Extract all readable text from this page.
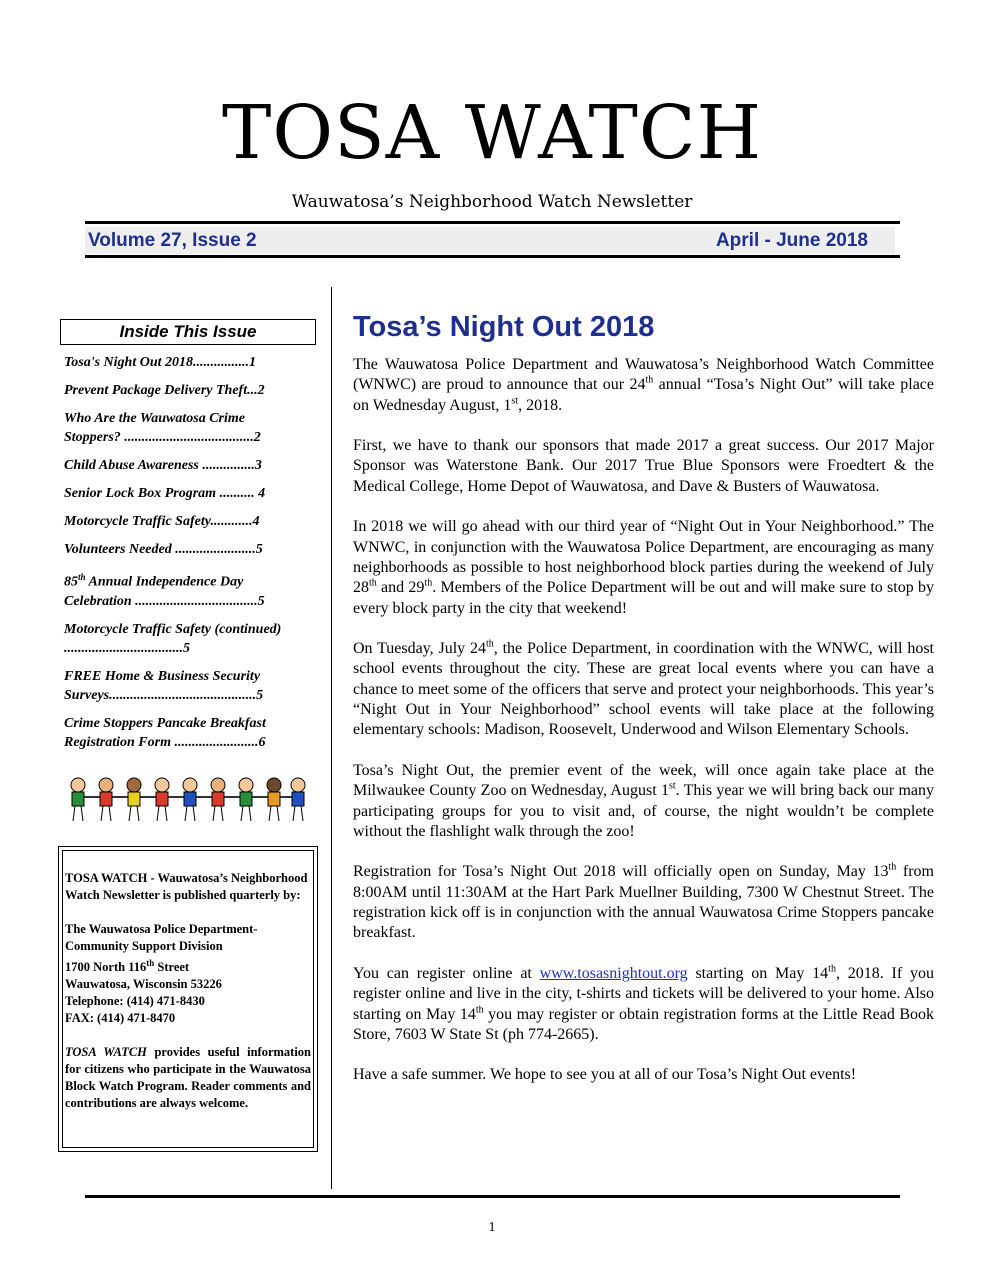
TOSA WATCH
Wauwatosa’s Neighborhood Watch Newsletter
Volume 27, Issue 2	April - June 2018
Inside This Issue
Tosa's Night Out 2018................1
Prevent Package Delivery Theft...2
Who Are the Wauwatosa Crime Stoppers? .....................................2
Child Abuse Awareness ...............3
Senior Lock Box Program .......... 4
Motorcycle Traffic Safety............4
Volunteers Needed .......................5
85th Annual Independence Day Celebration ...................................5
Motorcycle Traffic Safety (continued) ..................................5
FREE Home & Business Security Surveys..........................................5
Crime Stoppers Pancake Breakfast Registration Form ........................6

TOSA WATCH - Wauwatosa’s Neighborhood Watch Newsletter is published quarterly by:

The Wauwatosa Police Department-
Community Support Division
1700 North 116th Street
Wauwatosa, Wisconsin 53226
Telephone: (414) 471-8430
FAX: (414) 471-8470

TOSA WATCH provides useful information for citizens who participate in the Wauwatosa Block Watch Program. Reader comments and contributions are always welcome.

Tosa’s Night Out 2018

The Wauwatosa Police Department and Wauwatosa’s Neighborhood Watch Committee (WNWC) are proud to announce that our 24th annual “Tosa’s Night Out” will take place on Wednesday August, 1st, 2018.

First, we have to thank our sponsors that made 2017 a great success. Our 2017 Major Sponsor was Waterstone Bank. Our 2017 True Blue Sponsors were Froedtert & the Medical College, Home Depot of Wauwatosa, and Dave & Busters of Wauwatosa.

In 2018 we will go ahead with our third year of “Night Out in Your Neighborhood.” The WNWC, in conjunction with the Wauwatosa Police Department, are encouraging as many neighborhoods as possible to host neighborhood block parties during the weekend of July 28th and 29th. Members of the Police Department will be out and will make sure to stop by every block party in the city that weekend!

On Tuesday, July 24th, the Police Department, in coordination with the WNWC, will host school events throughout the city. These are great local events where you can have a chance to meet some of the officers that serve and protect your neighborhoods. This year’s “Night Out in Your Neighborhood” school events will take place at the following elementary schools: Madison, Roosevelt, Underwood and Wilson Elementary Schools.

Tosa’s Night Out, the premier event of the week, will once again take place at the Milwaukee County Zoo on Wednesday, August 1st. This year we will bring back our many participating groups for you to visit and, of course, the night wouldn’t be complete without the flashlight walk through the zoo!

Registration for Tosa’s Night Out 2018 will officially open on Sunday, May 13th from 8:00AM until 11:30AM at the Hart Park Muellner Building, 7300 W Chestnut Street. The registration kick off is in conjunction with the annual Wauwatosa Crime Stoppers pancake breakfast.

You can register online at www.tosasnightout.org starting on May 14th, 2018. If you register online and live in the city, t-shirts and tickets will be delivered to your home. Also starting on May 14th you may register or obtain registration forms at the Little Read Book Store, 7603 W State St (ph 774-2665).

Have a safe summer. We hope to see you at all of our Tosa’s Night Out events!

1
